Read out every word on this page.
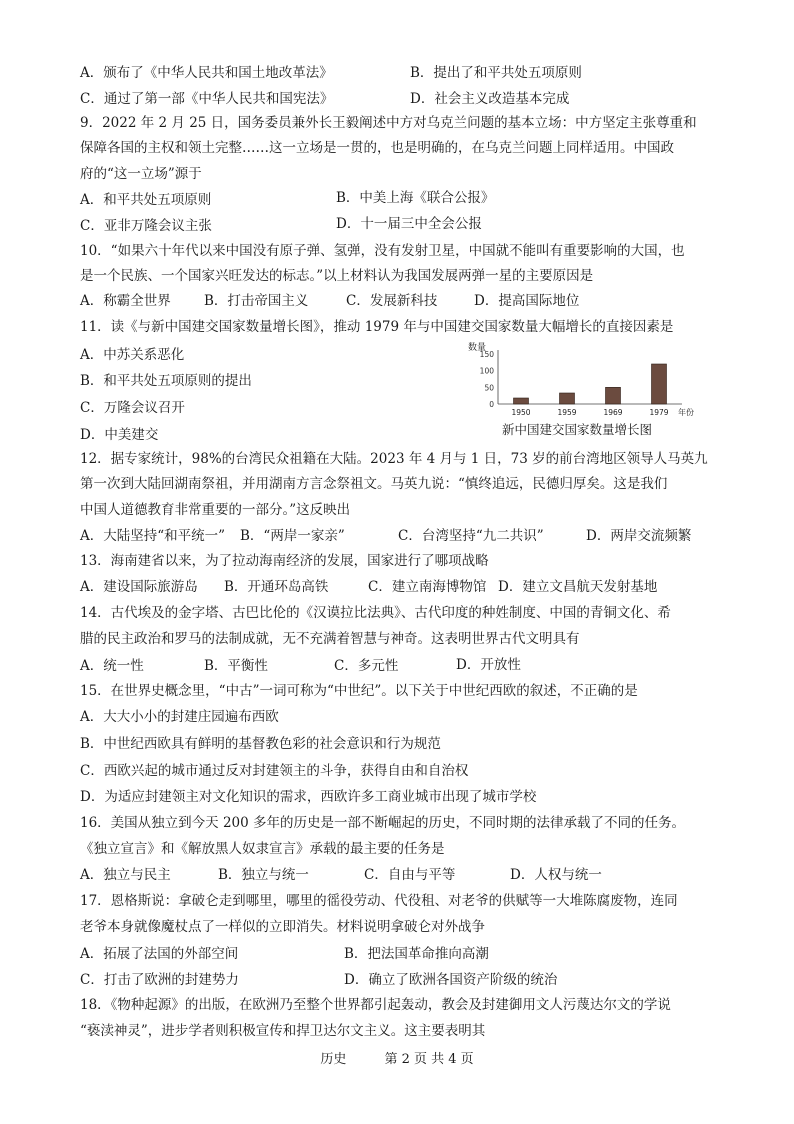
A．颁布了《中华人民共和国土地改革法》	B．提出了和平共处五项原则
C．通过了第一部《中华人民共和国宪法》	D．社会主义改造基本完成
9．2022 年 2 月 25 日，国务委员兼外长王毅阐述中方对乌克兰问题的基本立场：中方坚定主张尊重和
保障各国的主权和领土完整……这一立场是一贯的，也是明确的，在乌克兰问题上同样适用。中国政
府的“这一立场”源于
A．和平共处五项原则	B．中美上海《联合公报》
C．亚非万隆会议主张	D．十一届三中全会公报
10．“如果六十年代以来中国没有原子弹、氢弹，没有发射卫星，中国就不能叫有重要影响的大国，也
是一个民族、一个国家兴旺发达的标志。”以上材料认为我国发展两弹一星的主要原因是
A．称霸全世界 B．打击帝国主义	C．发展新科技	D．提高国际地位
11．读《与新中国建交国家数量增长图》，推动 1979 年与中国建交国家数量大幅增长的直接因素是
A．中苏关系恶化
B．和平共处五项原则的提出
C．万隆会议召开
D．中美建交
数量
150
100
50
0
1950	1959	1969	1979 年份
新中国建交国家数量增长图
12．据专家统计，98%的台湾民众祖籍在大陆。2023 年 4 月与 1 日，73 岁的前台湾地区领导人马英九
第一次到大陆回湖南祭祖，并用湖南方言念祭祖文。马英九说：“慎终追远，民德归厚矣。这是我们
中国人道德教育非常重要的一部分。”这反映出
A．大陆坚持“和平统一” B．“两岸一家亲”	C．台湾坚持“九二共识”	D．两岸交流频繁
13．海南建省以来，为了拉动海南经济的发展，国家进行了哪项战略
A．建设国际旅游岛 B．开通环岛高铁	C．建立南海博物馆 D．建立文昌航天发射基地
14．古代埃及的金字塔、古巴比伦的《汉谟拉比法典》、古代印度的种姓制度、中国的青铜文化、希
腊的民主政治和罗马的法制成就，无不充满着智慧与神奇。这表明世界古代文明具有
A．统一性	B．平衡性	C．多元性	D．开放性
15．在世界史概念里，“中古”一词可称为“中世纪”。以下关于中世纪西欧的叙述，不正确的是
A．大大小小的封建庄园遍布西欧
B．中世纪西欧具有鲜明的基督教色彩的社会意识和行为规范
C．西欧兴起的城市通过反对封建领主的斗争，获得自由和自治权
D．为适应封建领主对文化知识的需求，西欧许多工商业城市出现了城市学校
16．美国从独立到今天 200 多年的历史是一部不断崛起的历史，不同时期的法律承载了不同的任务。
《独立宣言》和《解放黑人奴隶宣言》承载的最主要的任务是
A．独立与民主	B．独立与统一	C．自由与平等	D．人权与统一
17．恩格斯说：拿破仑走到哪里，哪里的徭役劳动、代役租、对老爷的供赋等一大堆陈腐废物，连同
老爷本身就像魔杖点了一样似的立即消失。材料说明拿破仑对外战争
A．拓展了法国的外部空间	B．把法国革命推向高潮
C．打击了欧洲的封建势力	D．确立了欧洲各国资产阶级的统治
18．《物种起源》的出版，在欧洲乃至整个世界都引起轰动，教会及封建御用文人污蔑达尔文的学说
“亵渎神灵”，进步学者则积极宣传和捍卫达尔文主义。这主要表明其
历史	第 2 页 共 4 页
